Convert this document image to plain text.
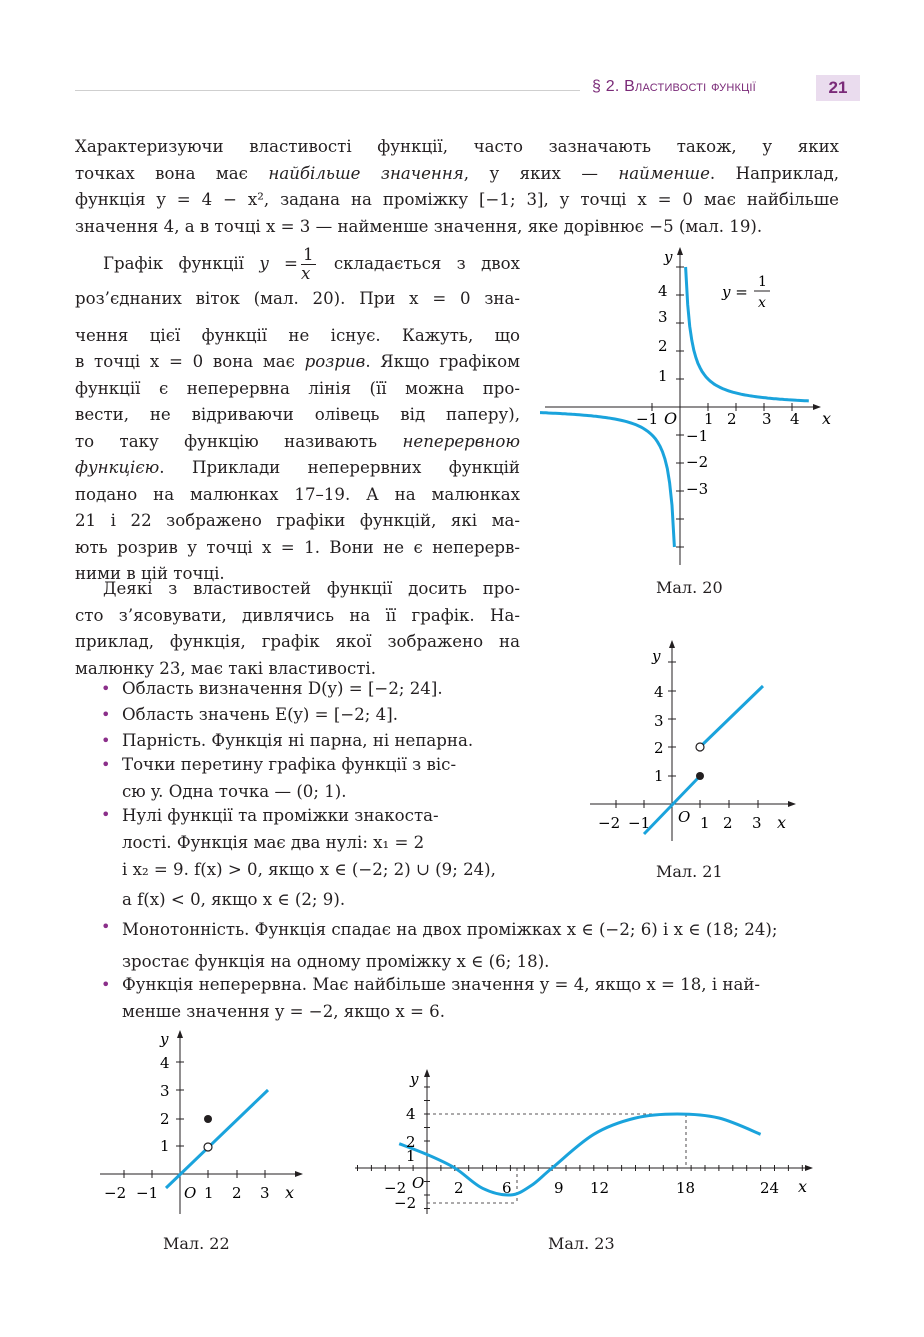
§ 2. Властивості функції	21
Характеризуючи властивості функції, часто зазначають також, у яких
точках вона має найбільше значення, у яких — найменше. Наприклад,
функція y = 4 − x², задана на проміжку [−1; 3], у точці x = 0 має найбільше
значення 4, а в точці x = 3 — найменше значення, яке дорівнює −5 (мал. 19).
Графік функції $y = \frac{1}{x}$ складається з двох
роз’єднаних віток (мал. 20). При x = 0 зна-
чення цієї функції не існує. Кажуть, що
в точці x = 0 вона має розрив. Якщо графіком
функції є неперервна лінія (її можна про-
вести, не відриваючи олівець від паперу),
то таку функцію називають неперервною
функцією. Приклади неперервних функцій
подано на малюнках 17–19. А на малюнках
21 і 22 зображено графіки функцій, які ма-
ють розрив у точці x = 1. Вони не є неперерв-
ними в цій точці.
Деякі з властивостей функції досить про-
сто з’ясовувати, дивлячись на її графік. На-
приклад, функція, графік якої зображено на
малюнку 23, має такі властивості.
• Область визначення D(y) = [−2; 24].
• Область значень E(y) = [−2; 4].
• Парність. Функція ні парна, ні непарна.
• Точки перетину графіка функції з віс-
сю y. Одна точка — (0; 1).
• Нулі функції та проміжки знакоста-
лості. Функція має два нулі: x₁ = 2
і x₂ = 9. f(x) > 0, якщо x ∈ (−2; 2) ∪ (9; 24),
а f(x) < 0, якщо x ∈ (2; 9).
• Монотонність. Функція спадає на двох проміжках x ∈ (−2; 6) і x ∈ (18; 24);
зростає функція на одному проміжку x ∈ (6; 18).
• Функція неперервна. Має найбільше значення y = 4, якщо x = 18, і най-
менше значення y = −2, якщо x = 6.
y
x
O
−1	1 2 3 4
4
3
2
1
−1
−2
−3
y =
1
x
Мал. 20
y
x
O
−2 −1	1 2 3
1
2
3
4
Мал. 21
y
x
O
−2 −1	1 2 3
1
2
3
4
Мал. 22
y
x
O
−2	2	6	9 12	18	24
4
2
1
−2
Мал. 23
